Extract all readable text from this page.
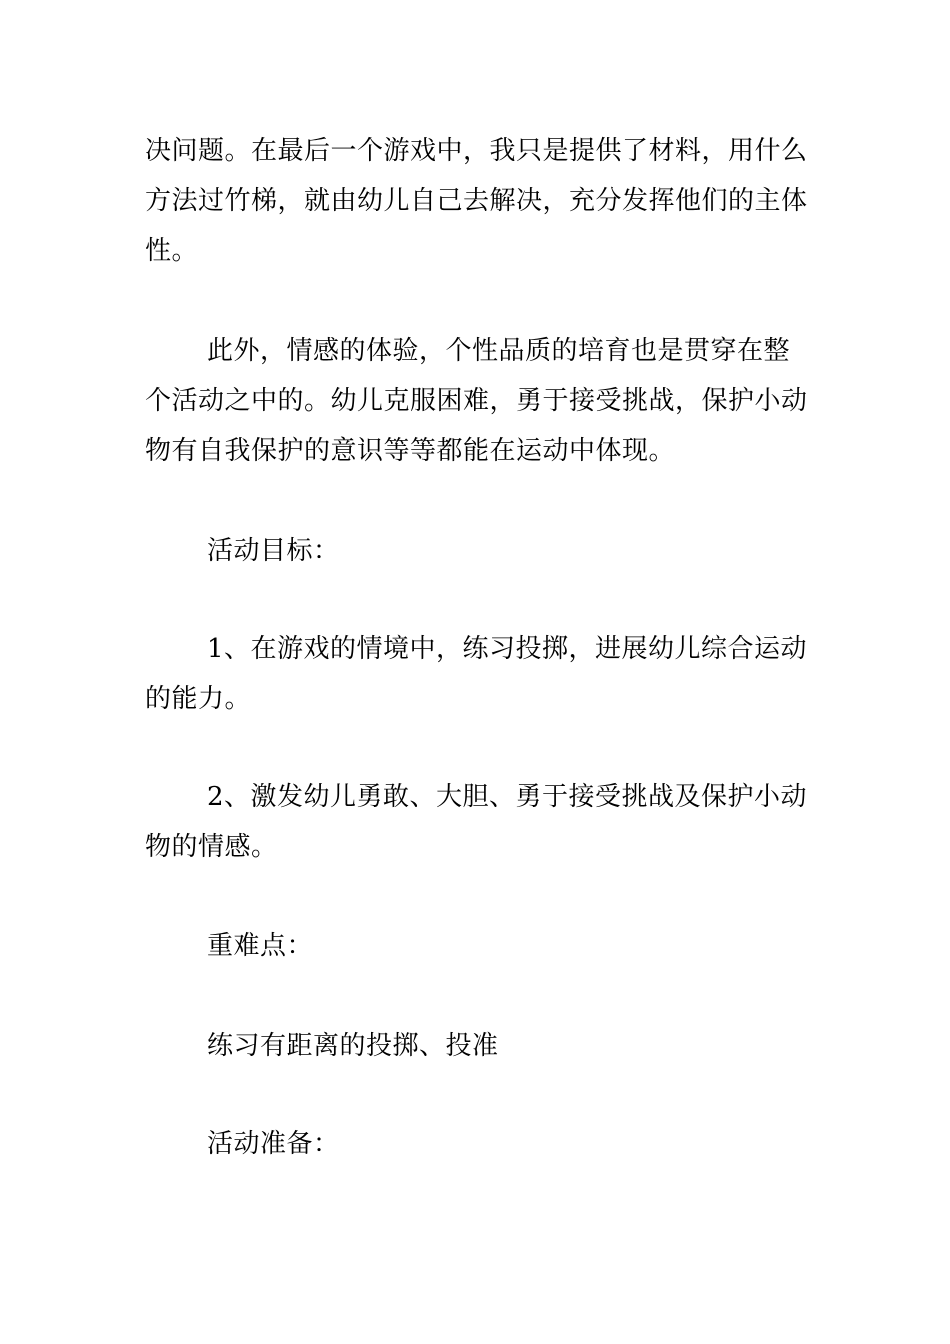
决问题。在最后一个游戏中，我只是提供了材料，用什么方法过竹梯，就由幼儿自己去解决，充分发挥他们的主体性。

此外，情感的体验，个性品质的培育也是贯穿在整个活动之中的。幼儿克服困难，勇于接受挑战，保护小动物有自我保护的意识等等都能在运动中体现。

活动目标：

1、在游戏的情境中，练习投掷，进展幼儿综合运动的能力。

2、激发幼儿勇敢、大胆、勇于接受挑战及保护小动物的情感。

重难点：

练习有距离的投掷、投准

活动准备：
